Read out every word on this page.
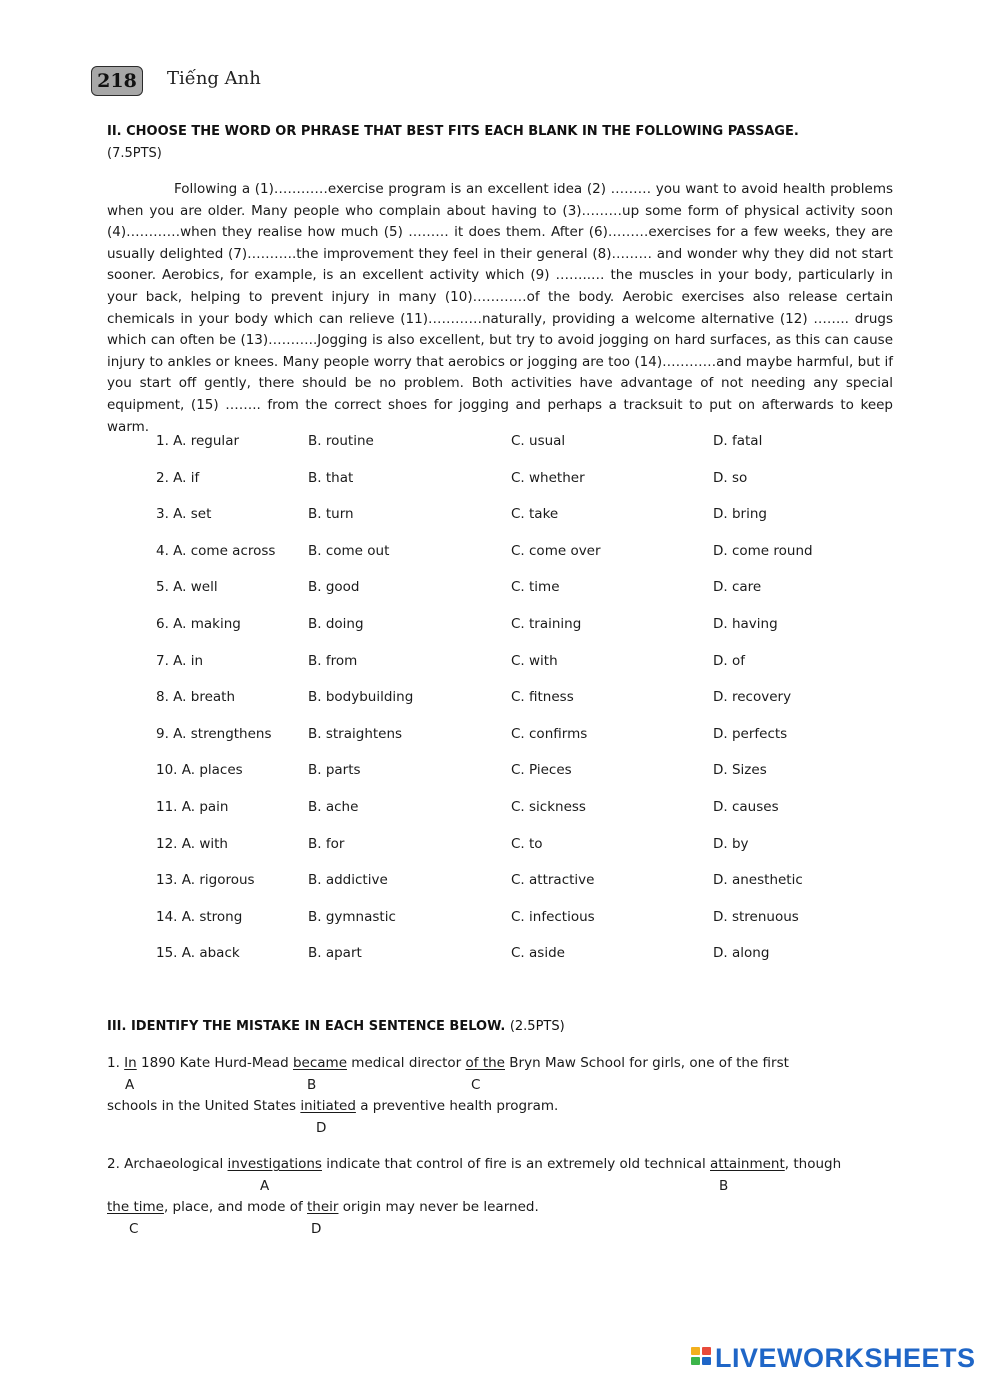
218	Tiếng Anh
II. CHOOSE THE WORD OR PHRASE THAT BEST FITS EACH BLANK IN THE FOLLOWING PASSAGE.
(7.5PTS)

Following a (1)…………exercise program is an excellent idea (2) ……… you want to avoid health problems when you are older. Many people who complain about having to (3)………up some form of physical activity soon (4)…………when they realise how much (5) ……… it does them. After (6)………exercises for a few weeks, they are usually delighted (7)………..the improvement they feel in their general (8)……… and wonder why they did not start sooner. Aerobics, for example, is an excellent activity which (9) ……..… the muscles in your body, particularly in your back, helping to prevent injury in many (10)…………of the body. Aerobic exercises also release certain chemicals in your body which can relieve (11)…………naturally, providing a welcome alternative (12) …….. drugs which can often be (13)………..Jogging is also excellent, but try to avoid jogging on hard surfaces, as this can cause injury to ankles or knees. Many people worry that aerobics or jogging are too (14)…………and maybe harmful, but if you start off gently, there should be no problem. Both activities have advantage of not needing any special equipment, (15) …….. from the correct shoes for jogging and perhaps a tracksuit to put on afterwards to keep warm.

1. A. regular	B. routine	C. usual	D. fatal
2. A. if	B. that	C. whether	D. so
3. A. set	B. turn	C. take	D. bring
4. A. come across B. come out	C. come over	D. come round
5. A. well	B. good	C. time	D. care
6. A. making	B. doing	C. training	D. having
7. A. in	B. from	C. with	D. of
8. A. breath	B. bodybuilding	C. fitness	D. recovery
9. A. strengthens	B. straightens	C. confirms	D. perfects
10. A. places	B. parts	C. Pieces	D. Sizes
11. A. pain	B. ache	C. sickness	D. causes
12. A. with	B. for	C. to	D. by
13. A. rigorous	B. addictive	C. attractive	D. anesthetic
14. A. strong	B. gymnastic	C. infectious	D. strenuous
15. A. aback	B. apart	C. aside	D. along
III. IDENTIFY THE MISTAKE IN EACH SENTENCE BELOW. (2.5PTS)
1. In 1890 Kate Hurd-Mead became medical director of the Bryn Maw School for girls, one of the first
A	B	C
schools in the United States initiated a preventive health program.
D
2. Archaeological investigations indicate that control of fire is an extremely old technical attainment, though
A	B
the time, place, and mode of their origin may never be learned.
C	D
LIVEWORKSHEETS
